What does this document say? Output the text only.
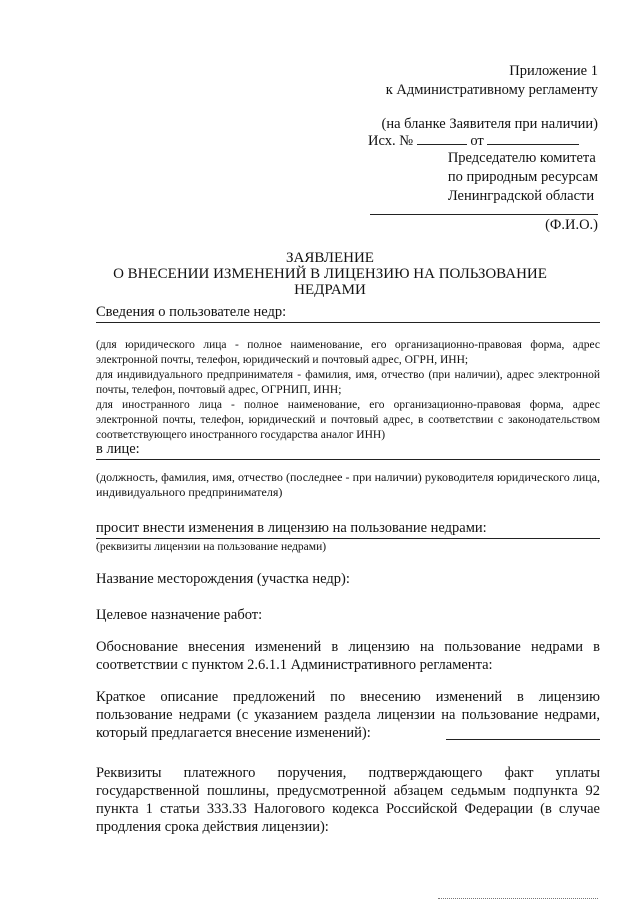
Приложение 1
к Административному регламенту
(на бланке Заявителя при наличии)
Исх. №	от
Председателю комитета
по природным ресурсам
Ленинградской области
(Ф.И.О.)
ЗАЯВЛЕНИЕ
О ВНЕСЕНИИ ИЗМЕНЕНИЙ В ЛИЦЕНЗИЮ НА ПОЛЬЗОВАНИЕ
НЕДРАМИ
Сведения о пользователе недр:
(для юридического лица - полное наименование, его организационно-правовая форма, адрес электронной почты, телефон, юридический и почтовый адрес, ОГРН, ИНН;
для индивидуального предпринимателя - фамилия, имя, отчество (при наличии), адрес электронной почты, телефон, почтовый адрес, ОГРНИП, ИНН;
для иностранного лица - полное наименование, его организационно-правовая форма, адрес электронной почты, телефон, юридический и почтовый адрес, в соответствии с законодательством соответствующего иностранного государства аналог ИНН)
в лице:
(должность, фамилия, имя, отчество (последнее - при наличии) руководителя юридического лица, индивидуального предпринимателя)
просит внести изменения в лицензию на пользование недрами:
(реквизиты лицензии на пользование недрами)
Название месторождения (участка недр):
Целевое назначение работ:
Обоснование внесения изменений в лицензию на пользование недрами в соответствии с пунктом 2.6.1.1 Административного регламента:
Краткое описание предложений по внесению изменений в лицензию пользование недрами (с указанием раздела лицензии на пользование недрами, который предлагается внесение изменений):
Реквизиты платежного поручения, подтверждающего факт уплаты государственной пошлины, предусмотренной абзацем седьмым подпункта 92 пункта 1 статьи 333.33 Налогового кодекса Российской Федерации (в случае продления срока действия лицензии):
